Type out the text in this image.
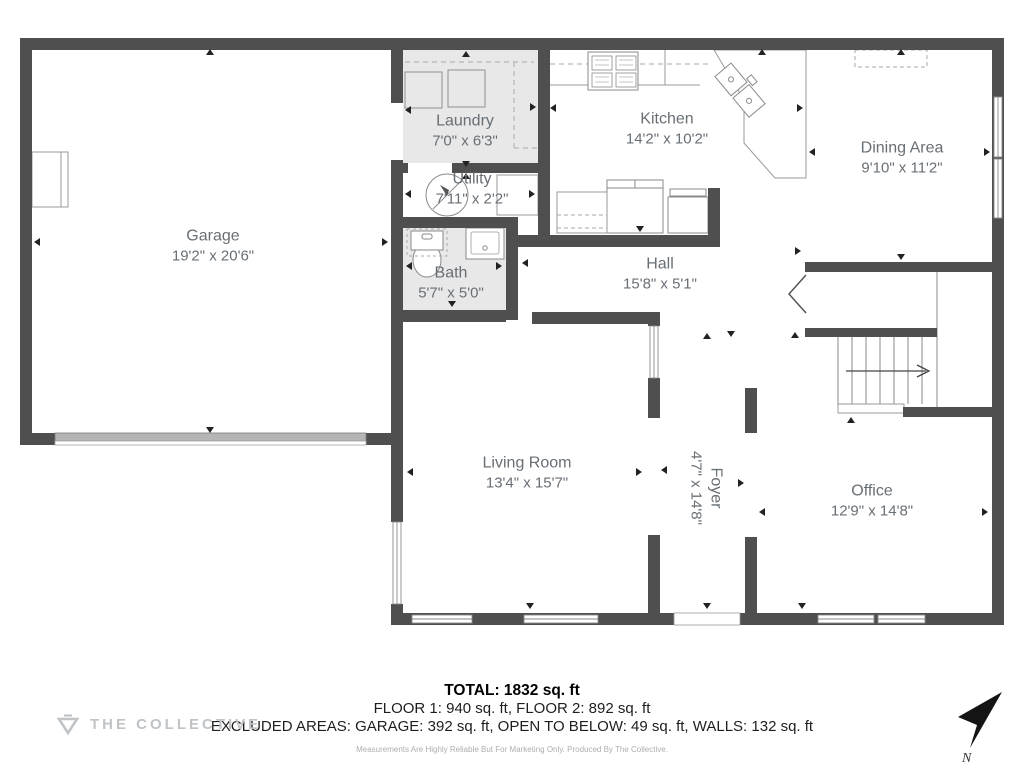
Garage
19'2" x 20'6"
Laundry
7'0" x 6'3"
Utility
7'11" x 2'2"
Bath
5'7" x 5'0"
Kitchen
14'2" x 10'2"
Dining Area
9'10" x 11'2"
Hall
15'8" x 5'1"
Living Room
13'4" x 15'7"	Foyer
4'7" x 14'8"	Office
12'9" x 14'8"
TOTAL: 1832 sq. ft
FLOOR 1: 940 sq. ft, FLOOR 2: 892 sq. ft
EXCLUDED AREAS: GARAGE: 392 sq. ft, OPEN TO BELOW: 49 sq. ft, WALLS: 132 sq. ft
Measurements Are Highly Reliable But For Marketing Only. Produced By The Collective.
THE COLLECTIVE
N
